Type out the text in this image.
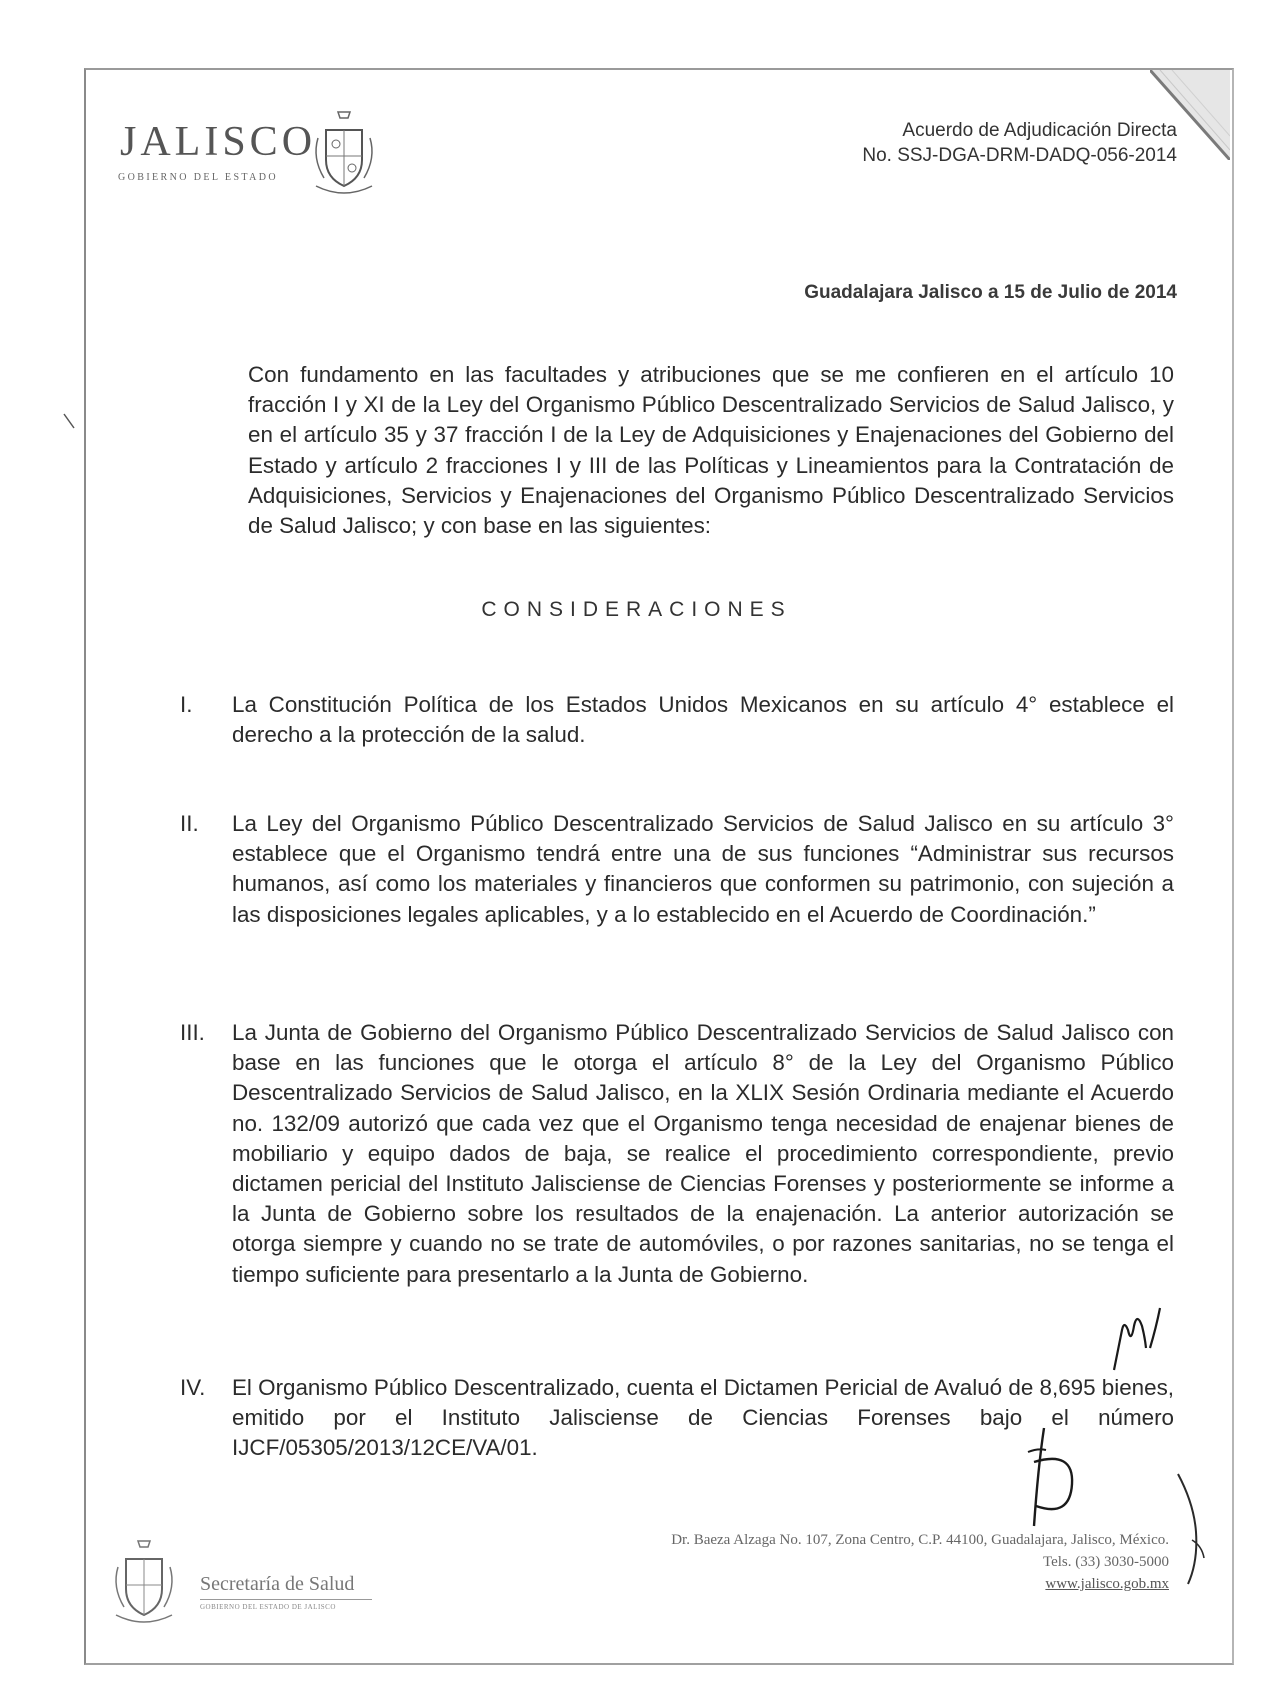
JALISCO
GOBIERNO DEL ESTADO
Acuerdo de Adjudicación Directa
No. SSJ-DGA-DRM-DADQ-056-2014
Guadalajara Jalisco a 15 de Julio de 2014
Con fundamento en las facultades y atribuciones que se me confieren en el artículo 10 fracción I y XI de la Ley del Organismo Público Descentralizado Servicios de Salud Jalisco, y en el artículo 35 y 37 fracción I de la Ley de Adquisiciones y Enajenaciones del Gobierno del Estado y artículo 2 fracciones I y III de las Políticas y Lineamientos para la Contratación de Adquisiciones, Servicios y Enajenaciones del Organismo Público Descentralizado Servicios de Salud Jalisco; y con base en las siguientes:
CONSIDERACIONES
I.	La Constitución Política de los Estados Unidos Mexicanos en su artículo 4° establece el derecho a la protección de la salud.
II.	La Ley del Organismo Público Descentralizado Servicios de Salud Jalisco en su artículo 3° establece que el Organismo tendrá entre una de sus funciones “Administrar sus recursos humanos, así como los materiales y financieros que conformen su patrimonio, con sujeción a las disposiciones legales aplicables, y a lo establecido en el Acuerdo de Coordinación.”
III.	La Junta de Gobierno del Organismo Público Descentralizado Servicios de Salud Jalisco con base en las funciones que le otorga el artículo 8° de la Ley del Organismo Público Descentralizado Servicios de Salud Jalisco, en la XLIX Sesión Ordinaria mediante el Acuerdo no. 132/09 autorizó que cada vez que el Organismo tenga necesidad de enajenar bienes de mobiliario y equipo dados de baja, se realice el procedimiento correspondiente, previo dictamen pericial del Instituto Jalisciense de Ciencias Forenses y posteriormente se informe a la Junta de Gobierno sobre los resultados de la enajenación. La anterior autorización se otorga siempre y cuando no se trate de automóviles, o por razones sanitarias, no se tenga el tiempo suficiente para presentarlo a la Junta de Gobierno.
IV.	El Organismo Público Descentralizado, cuenta el Dictamen Pericial de Avaluó de 8,695 bienes, emitido por el Instituto Jalisciense de Ciencias Forenses bajo el número IJCF/05305/2013/12CE/VA/01.
Secretaría de Salud
GOBIERNO DEL ESTADO DE JALISCO
Dr. Baeza Alzaga No. 107, Zona Centro, C.P. 44100, Guadalajara, Jalisco, México.
Tels. (33) 3030-5000
www.jalisco.gob.mx
